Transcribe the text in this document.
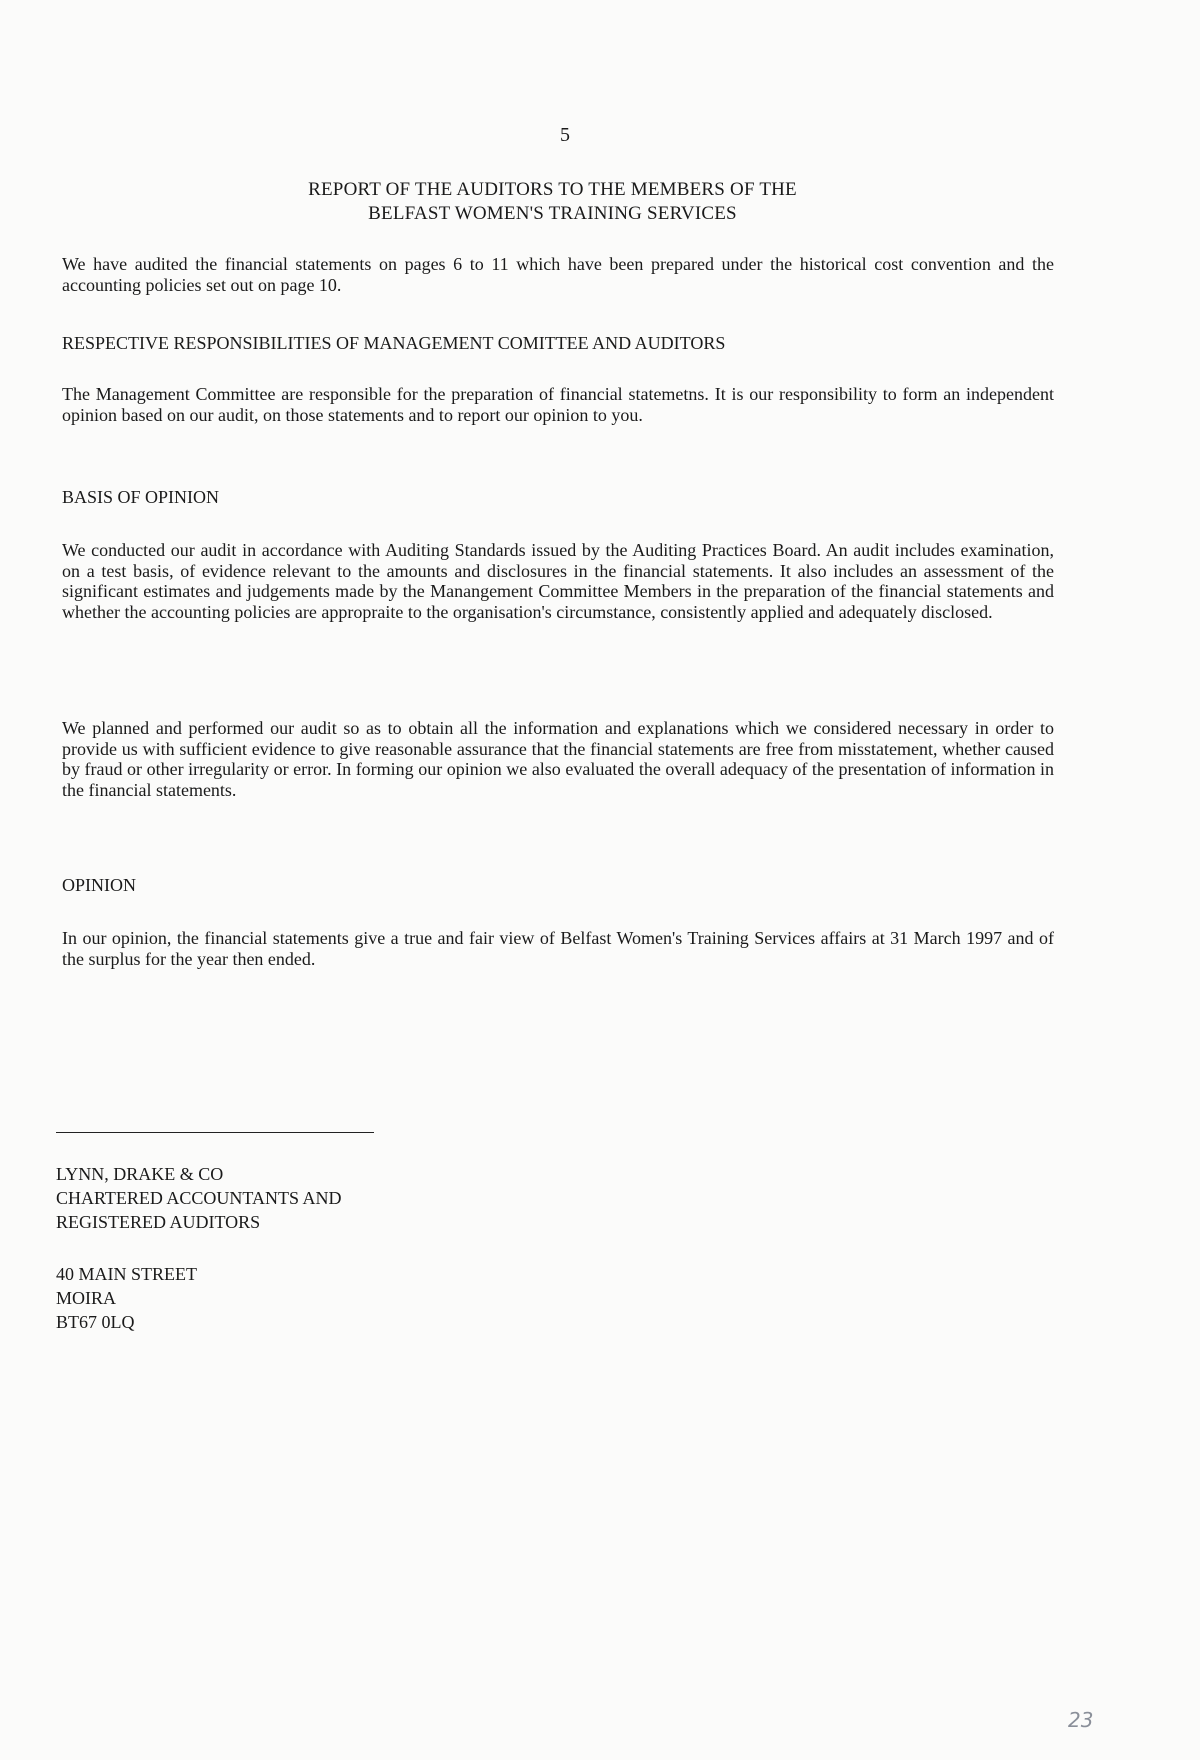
5
REPORT OF THE AUDITORS TO THE MEMBERS OF THE
BELFAST WOMEN'S TRAINING SERVICES

We have audited the financial statements on pages 6 to 11 which have been prepared under the historical cost convention and the accounting policies set out on page 10.

RESPECTIVE RESPONSIBILITIES OF MANAGEMENT COMITTEE AND AUDITORS

The Management Committee are responsible for the preparation of financial statemetns. It is our responsibility to form an independent opinion based on our audit, on those statements and to report our opinion to you.

BASIS OF OPINION

We conducted our audit in accordance with Auditing Standards issued by the Auditing Practices Board. An audit includes examination, on a test basis, of evidence relevant to the amounts and disclosures in the financial statements. It also includes an assessment of the significant estimates and judgements made by the Manangement Committee Members in the preparation of the financial statements and whether the accounting policies are appropraite to the organisation's circumstance, consistently applied and adequately disclosed.

We planned and performed our audit so as to obtain all the information and explanations which we considered necessary in order to provide us with sufficient evidence to give reasonable assurance that the financial statements are free from misstatement, whether caused by fraud or other irregularity or error. In forming our opinion we also evaluated the overall adequacy of the presentation of information in the financial statements.

OPINION

In our opinion, the financial statements give a true and fair view of Belfast Women's Training Services affairs at 31 March 1997 and of the surplus for the year then ended.

LYNN, DRAKE & CO
CHARTERED ACCOUNTANTS AND
REGISTERED AUDITORS
40 MAIN STREET
MOIRA
BT67 0LQ
23
